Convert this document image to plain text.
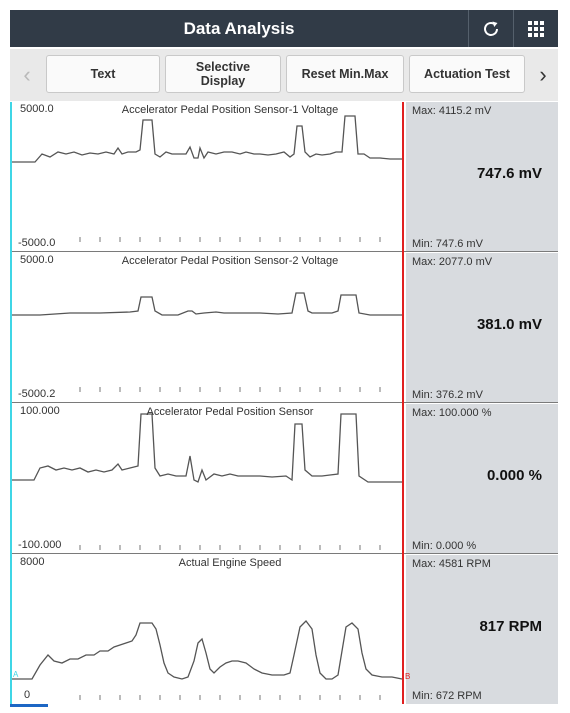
Data Analysis
‹	Text	Selective
Display	Reset Min.Max	Actuation Test	›
5000.0
-5000.0
Accelerator Pedal Position Sensor-1 Voltage	Max: 4115.2 mV
747.6 mV
Min: 747.6 mV
5000.0
-5000.2
Accelerator Pedal Position Sensor-2 Voltage	Max: 2077.0 mV
381.0 mV
Min: 376.2 mV
100.000
-100.000
Accelerator Pedal Position Sensor	Max: 100.000 %
0.000 %
Min: 0.000 %
8000
0
Actual Engine Speed	Max: 4581 RPM
817 RPM
Min: 672 RPM
A	B
